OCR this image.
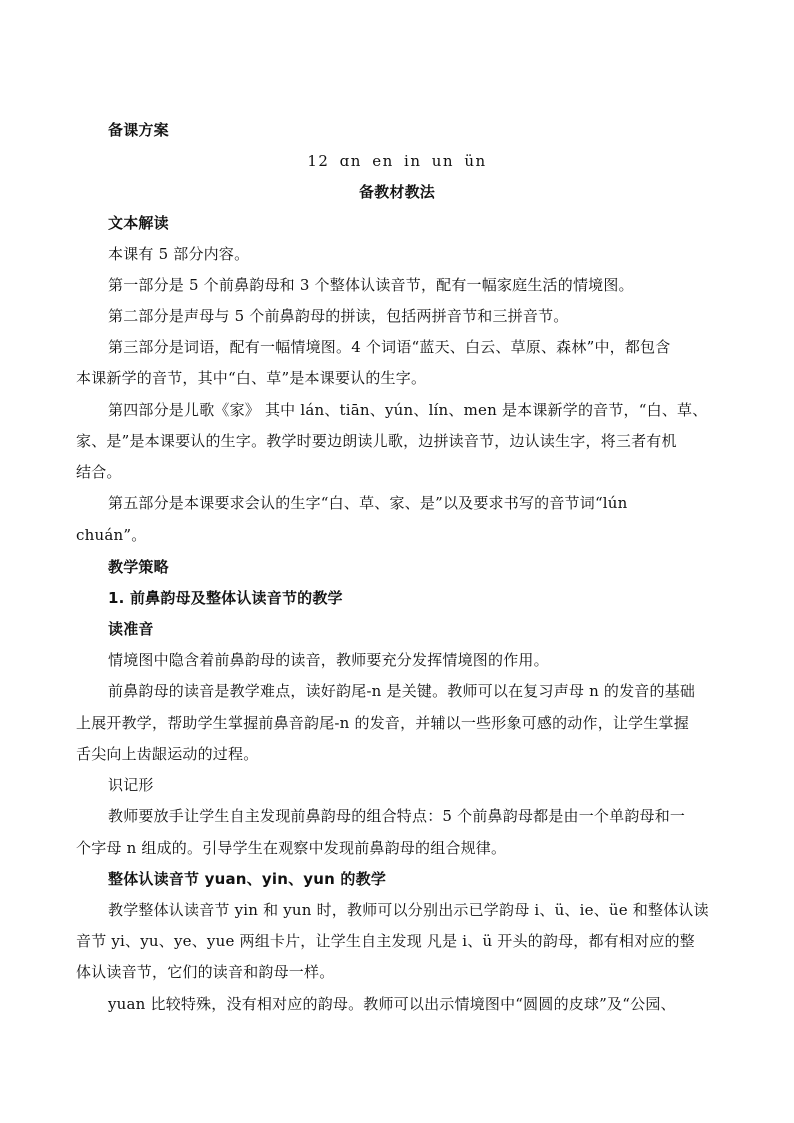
备课方案
12 ɑn en in un ün
备教材教法
文本解读
本课有 5 部分内容。
第一部分是 5 个前鼻韵母和 3 个整体认读音节，配有一幅家庭生活的情境图。
第二部分是声母与 5 个前鼻韵母的拼读，包括两拼音节和三拼音节。
第三部分是词语，配有一幅情境图。4 个词语“蓝天、白云、草原、森林”中，都包含
本课新学的音节，其中“白、草”是本课要认的生字。
第四部分是儿歌《家》 其中 lán、tiān、yún、lín、men 是本课新学的音节，“白、草、
家、是”是本课要认的生字。教学时要边朗读儿歌，边拼读音节，边认读生字，将三者有机
结合。
第五部分是本课要求会认的生字“白、草、家、是”以及要求书写的音节词“lún
chuán”。
教学策略
1. 前鼻韵母及整体认读音节的教学
读准音
情境图中隐含着前鼻韵母的读音，教师要充分发挥情境图的作用。
前鼻韵母的读音是教学难点，读好韵尾-n 是关键。教师可以在复习声母 n 的发音的基础
上展开教学，帮助学生掌握前鼻音韵尾-n 的发音，并辅以一些形象可感的动作，让学生掌握
舌尖向上齿龈运动的过程。
识记形
教师要放手让学生自主发现前鼻韵母的组合特点：5 个前鼻韵母都是由一个单韵母和一
个字母 n 组成的。引导学生在观察中发现前鼻韵母的组合规律。
整体认读音节 yuan、yin、yun 的教学
教学整体认读音节 yin 和 yun 时，教师可以分别出示已学韵母 i、ü、ie、üe 和整体认读
音节 yi、yu、ye、yue 两组卡片，让学生自主发现 凡是 i、ü 开头的韵母，都有相对应的整
体认读音节，它们的读音和韵母一样。
yuan 比较特殊，没有相对应的韵母。教师可以出示情境图中“圆圆的皮球”及“公园、
